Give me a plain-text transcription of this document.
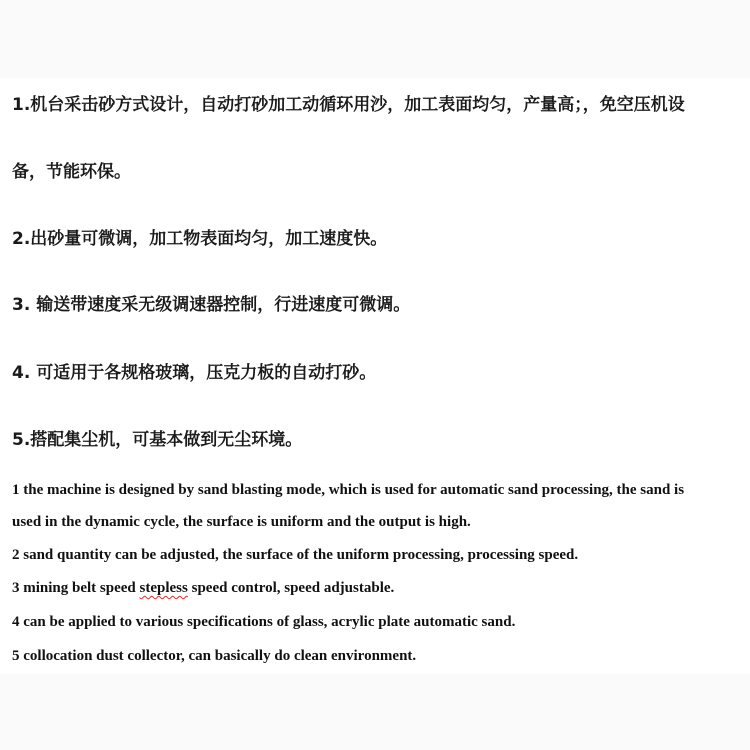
1.机台采击砂方式设计，自动打砂加工动循环用沙，加工表面均匀，产量高；，免空压机设
备，节能环保。
2.出砂量可微调，加工物表面均匀，加工速度快。
3. 输送带速度采无级调速器控制，行进速度可微调。
4. 可适用于各规格玻璃，压克力板的自动打砂。
5.搭配集尘机，可基本做到无尘环境。
1 the machine is designed by sand blasting mode, which is used for automatic sand processing, the sand is
used in the dynamic cycle, the surface is uniform and the output is high.
2 sand quantity can be adjusted, the surface of the uniform processing, processing speed.
3 mining belt speed stepless speed control, speed adjustable.
4 can be applied to various specifications of glass, acrylic plate automatic sand.
5 collocation dust collector, can basically do clean environment.
